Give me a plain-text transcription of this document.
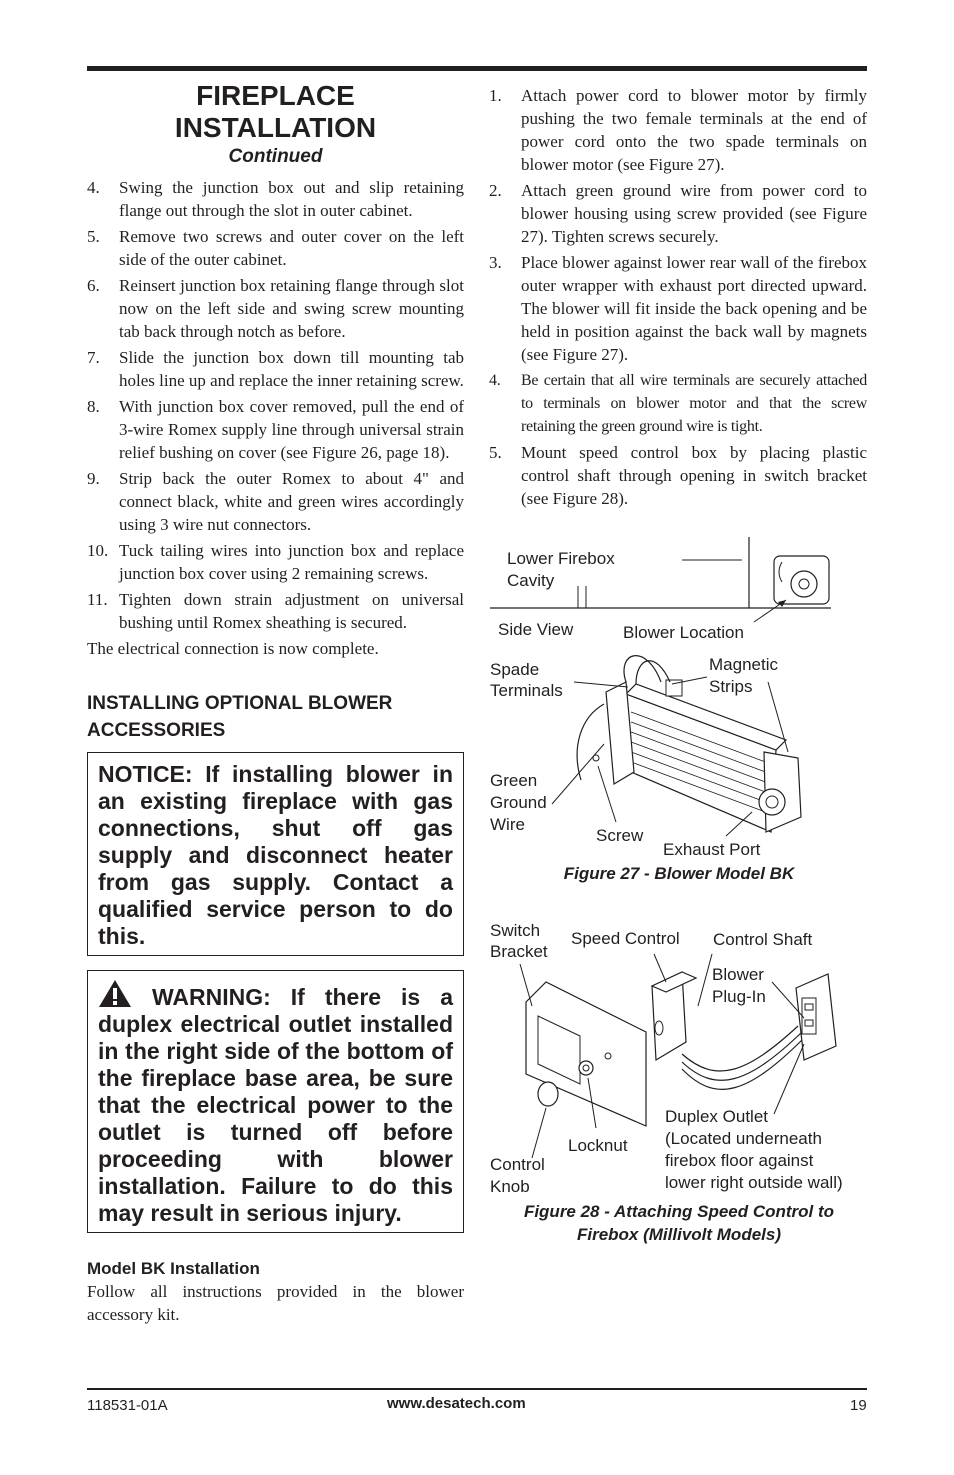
FIREPLACE
INSTALLATION
Continued
4. Swing the junction box out and slip retaining flange out through the slot in outer cabinet.
5. Remove two screws and outer cover on the left side of the outer cabinet.
6. Reinsert junction box retaining flange through slot now on the left side and swing screw mounting tab back through notch as before.
7. Slide the junction box down till mounting tab holes line up and replace the inner retaining screw.
8. With junction box cover removed, pull the end of 3-wire Romex supply line through universal strain relief bushing on cover (see Figure 26, page 18).
9. Strip back the outer Romex to about 4" and connect black, white and green wires accordingly using 3 wire nut connectors.
10. Tuck tailing wires into junction box and replace junction box cover using 2 remaining screws.
11. Tighten down strain adjustment on universal bushing until Romex sheathing is secured.

The electrical connection is now complete.

INSTALLING OPTIONAL BLOWER ACCESSORIES
NOTICE: If installing blower in an existing fireplace with gas connections, shut off gas supply and disconnect heater from gas supply. Contact a qualified service person to do this.
WARNING: If there is a duplex electrical outlet installed in the right side of the bottom of the fireplace base area, be sure that the electrical power to the outlet is turned off before proceeding with blower installation. Failure to do this may result in serious injury.
Model BK Installation

Follow all instructions provided in the blower accessory kit.

1. Attach power cord to blower motor by firmly pushing the two female terminals at the end of power cord onto the two spade terminals on blower motor (see Figure 27).
2. Attach green ground wire from power cord to blower housing using screw provided (see Figure 27). Tighten screws securely.
3. Place blower against lower rear wall of the firebox outer wrapper with exhaust port directed upward. The blower will fit inside the back opening and be held in position against the back wall by magnets (see Figure 27).
4. Be certain that all wire terminals are securely attached to terminals on blower motor and that the screw retaining the green ground wire is tight.
5. Mount speed control box by placing plastic control shaft through opening in switch bracket (see Figure 28).
Lower Firebox
Cavity
Side View	Blower Location
Spade
Terminals
Magnetic
Strips
Green
Ground
Wire
Screw
Exhaust Port
Figure 27 - Blower Model BK
Switch
Bracket
Speed Control Control Shaft
Blower
Plug-In
Duplex Outlet
(Located underneath
firebox floor against
lower right outside wall)
Locknut
Control
Knob
Figure 28 - Attaching Speed Control to
Firebox (Millivolt Models)
118531-01A	www.desatech.com	19
